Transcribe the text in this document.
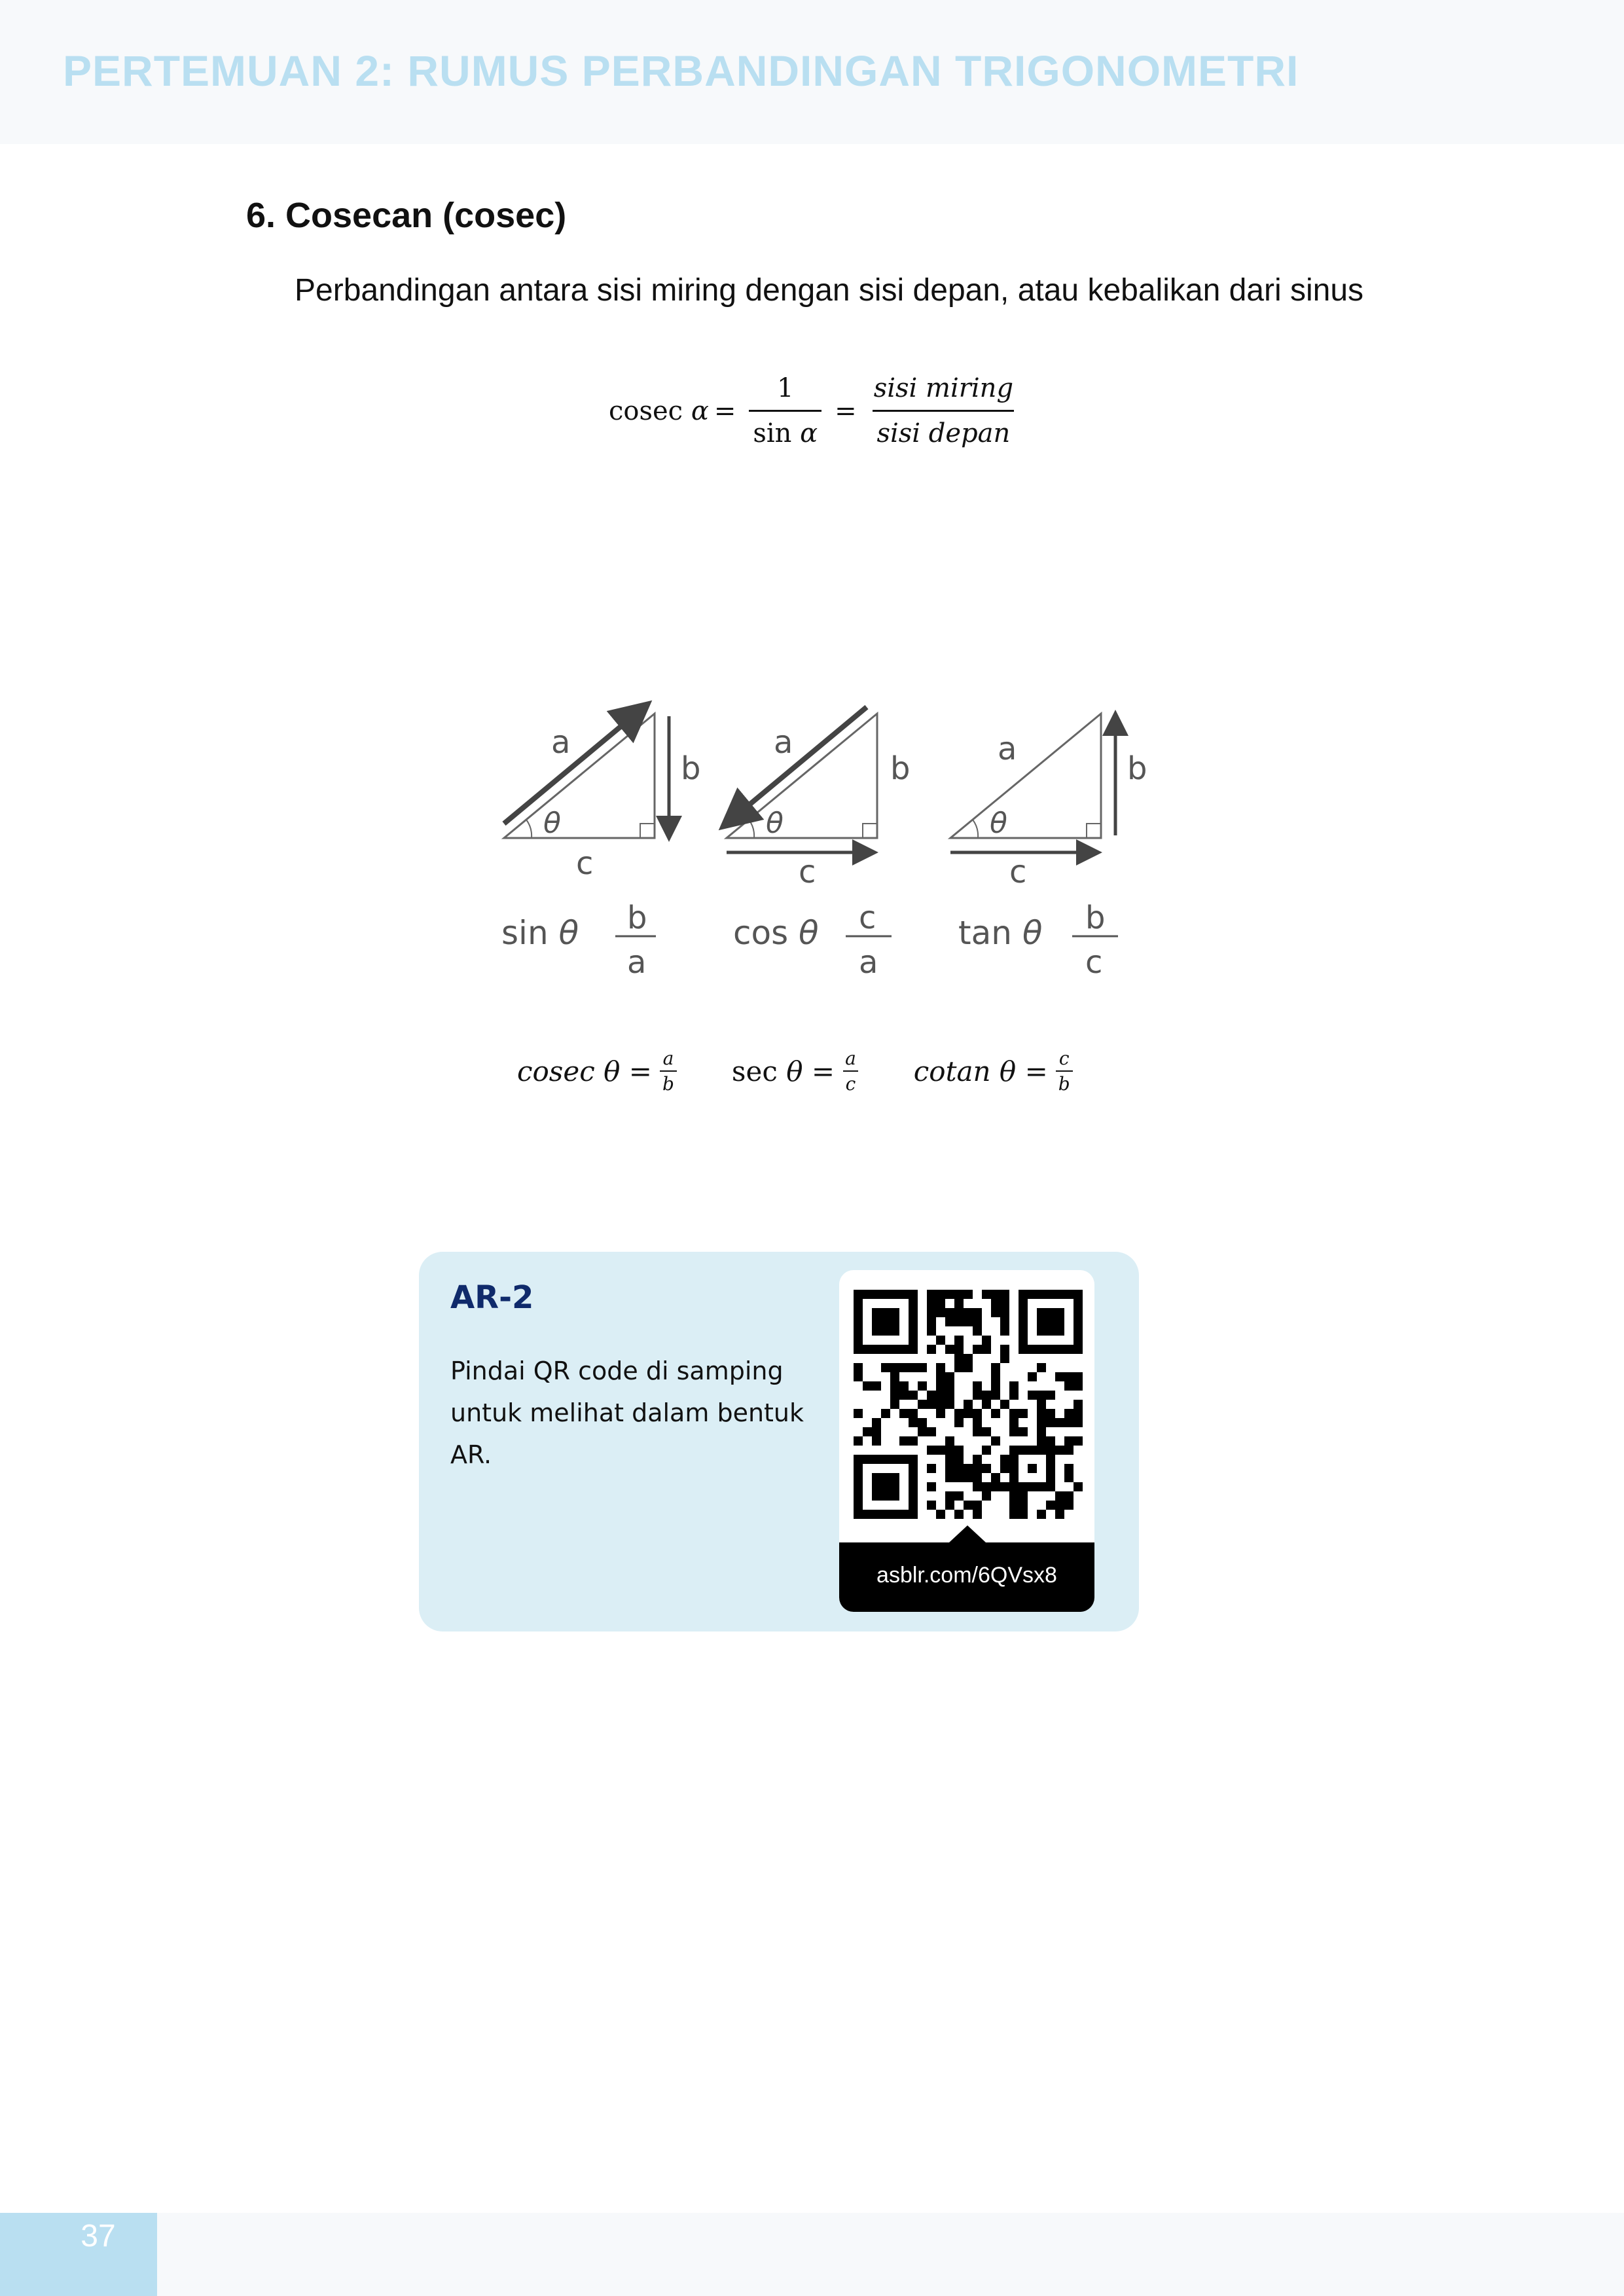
PERTEMUAN 2: RUMUS PERBANDINGAN TRIGONOMETRI
6. Cosecan (cosec)
Perbandingan antara sisi miring dengan sisi depan, atau kebalikan dari sinus
cosec
$\alpha = \frac{1}{\text{sin α}} = \frac{\text{sisi miring}}{\text{sisi depan}}$
a
b
c
θ
a
b
c
θ
a
b
c
θ
sin θ b
a
cos θ c
a
tan θ b
c
cosec
θ
= $\frac{a}{b}$ sec
θ
= $\frac{a}{c}$ cotan
θ
= $\frac{c}{b}$
AR-2
Pindai QR code di samping untuk melihat dalam bentuk AR.
asblr.com/6QVsx8
37
